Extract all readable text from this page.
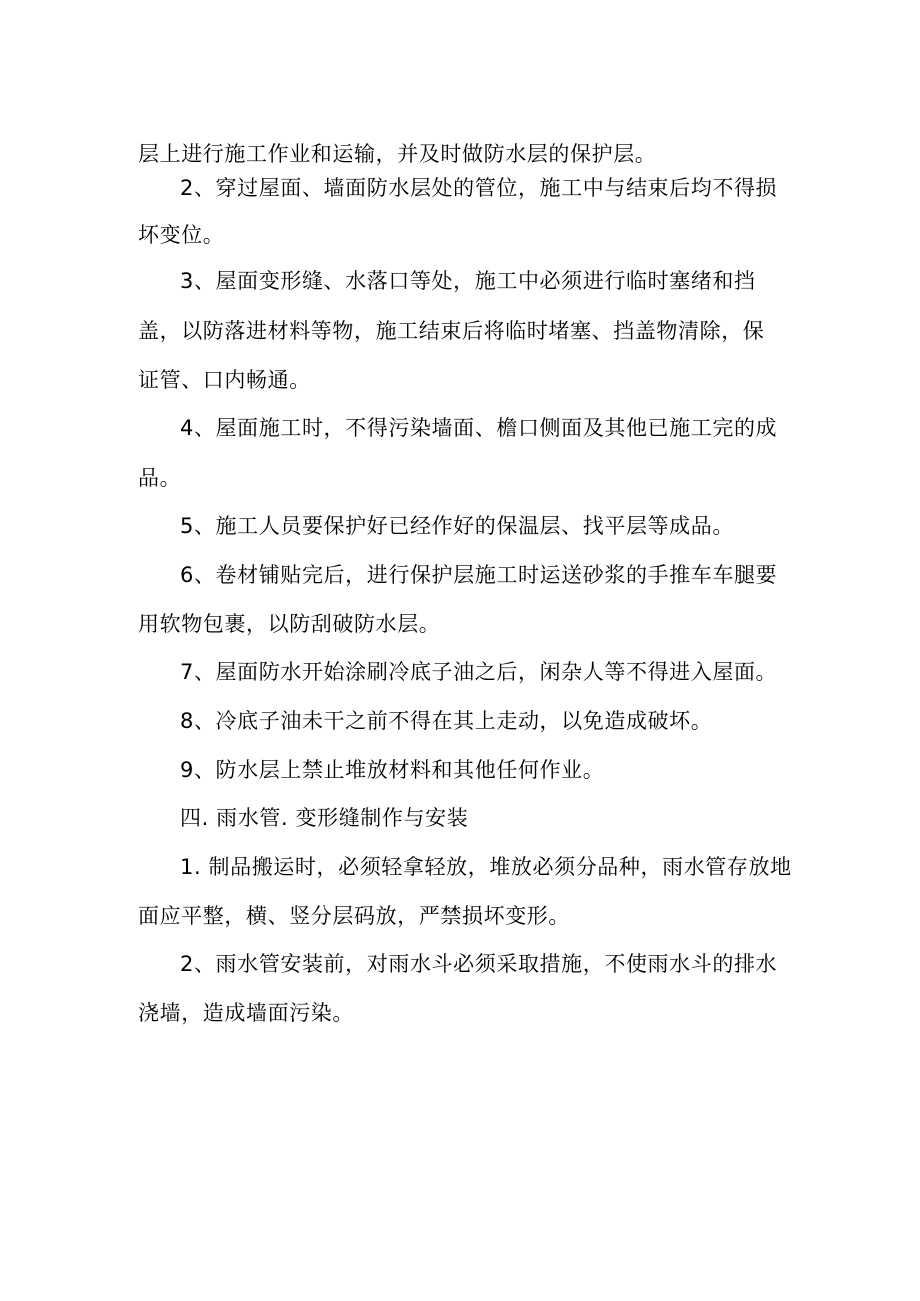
层上进行施工作业和运输，并及时做防水层的保护层。
2、穿过屋面、墙面防水层处的管位，施工中与结束后均不得损
坏变位。
3、屋面变形缝、水落口等处，施工中必须进行临时塞绪和挡
盖，以防落进材料等物，施工结束后将临时堵塞、挡盖物清除，保
证管、口内畅通。
4、屋面施工时，不得污染墙面、檐口侧面及其他已施工完的成
品。
5、施工人员要保护好已经作好的保温层、找平层等成品。
6、卷材铺贴完后，进行保护层施工时运送砂浆的手推车车腿要
用软物包裹，以防刮破防水层。
7、屋面防水开始涂刷冷底子油之后，闲杂人等不得进入屋面。
8、冷底子油未干之前不得在其上走动，以免造成破坏。
9、防水层上禁止堆放材料和其他任何作业。
四. 雨水管. 变形缝制作与安装
1. 制品搬运时，必须轻拿轻放，堆放必须分品种，雨水管存放地
面应平整，横、竖分层码放，严禁损坏变形。
2、雨水管安装前，对雨水斗必须采取措施，不使雨水斗的排水
浇墙，造成墙面污染。
